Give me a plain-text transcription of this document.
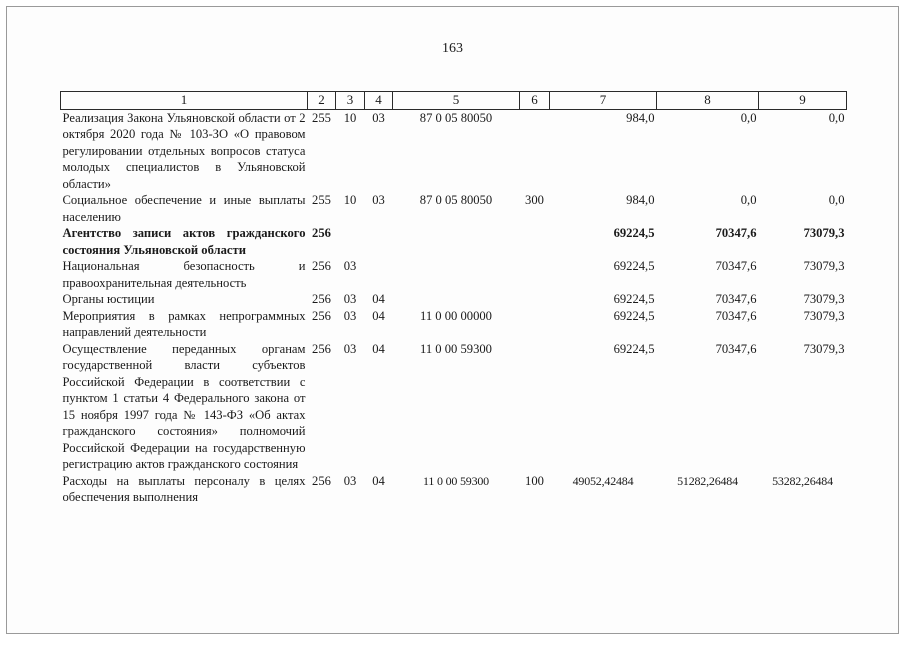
163
1	2	3	4	5	6	7	8	9
Реализация Закона Ульяновской области от 2 октября 2020 года № 103-ЗО «О правовом регулировании отдельных вопросов статуса молодых специалистов в Ульяновской области»	255	10	03	87 0 05 80050		984,0	0,0	0,0
Социальное обеспечение и иные выплаты населению	255	10	03	87 0 05 80050	300	984,0	0,0	0,0
Агентство записи актов гражданского состояния Ульяновской области	256					69224,5	70347,6	73079,3
Национальная безопасность и правоохранительная деятельность	256	03				69224,5	70347,6	73079,3
Органы юстиции	256	03	04			69224,5	70347,6	73079,3
Мероприятия в рамках непрограммных направлений деятельности	256	03	04	11 0 00 00000		69224,5	70347,6	73079,3
Осуществление переданных органам государственной власти субъектов Российской Федерации в соответствии с пунктом 1 статьи 4 Федерального закона от 15 ноября 1997 года № 143-ФЗ «Об актах гражданского состояния» полномочий Российской Федерации на государственную регистрацию актов гражданского состояния	256	03	04	11 0 00 59300		69224,5	70347,6	73079,3
Расходы на выплаты персоналу в целях обеспечения выполнения	256	03	04	11 0 00 59300	100	49052,42484	51282,26484	53282,26484
